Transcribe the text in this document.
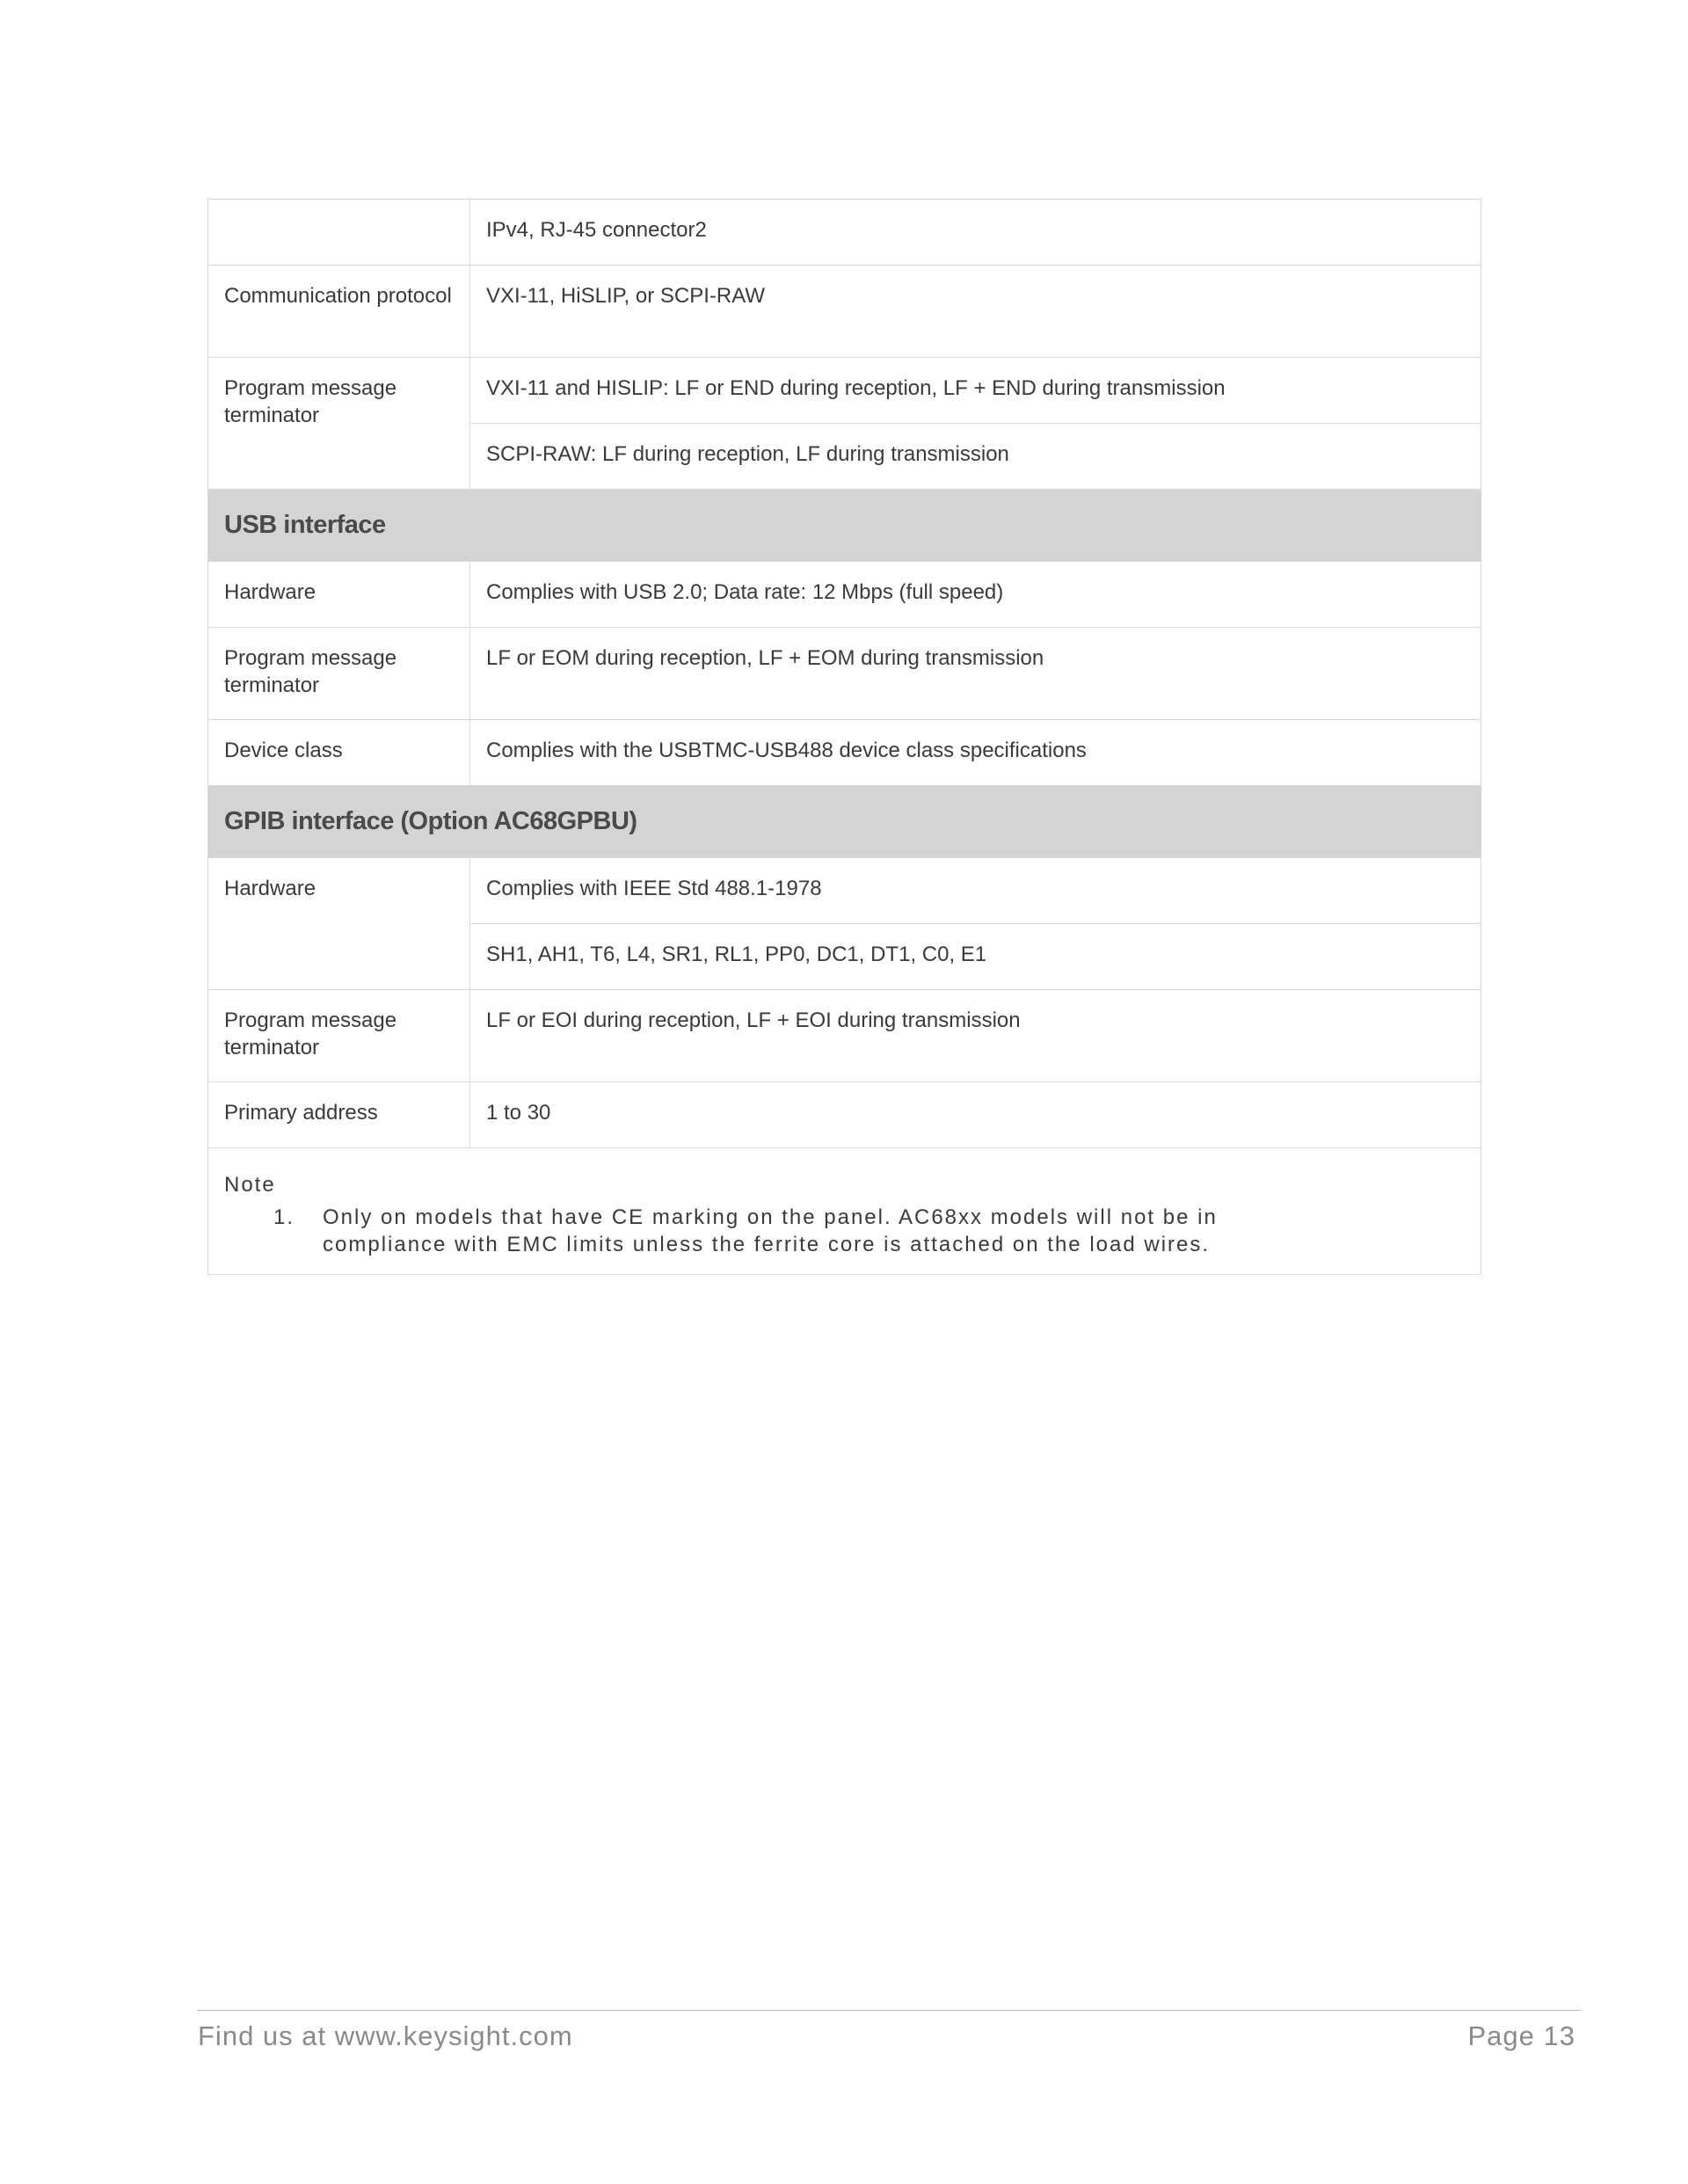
	IPv4, RJ-45 connector2
Communication protocol	VXI-11, HiSLIP, or SCPI-RAW
Program message terminator	VXI-11 and HISLIP: LF or END during reception, LF + END during transmission
	SCPI-RAW: LF during reception, LF during transmission
USB interface	
Hardware	Complies with USB 2.0; Data rate: 12 Mbps (full speed)
Program message terminator	LF or EOM during reception, LF + EOM during transmission
Device class	Complies with the USBTMC-USB488 device class specifications
GPIB interface (Option AC68GPBU)	
Hardware	Complies with IEEE Std 488.1-1978
	SH1, AH1, T6, L4, SR1, RL1, PP0, DC1, DT1, C0, E1
Program message terminator	LF or EOI during reception, LF + EOI during transmission
Primary address	1 to 30

Note
1. Only on models that have CE marking on the panel. AC68xx models will not be in compliance with EMC limits unless the ferrite core is attached on the load wires.	
Find us at www.keysight.com	Page 13
